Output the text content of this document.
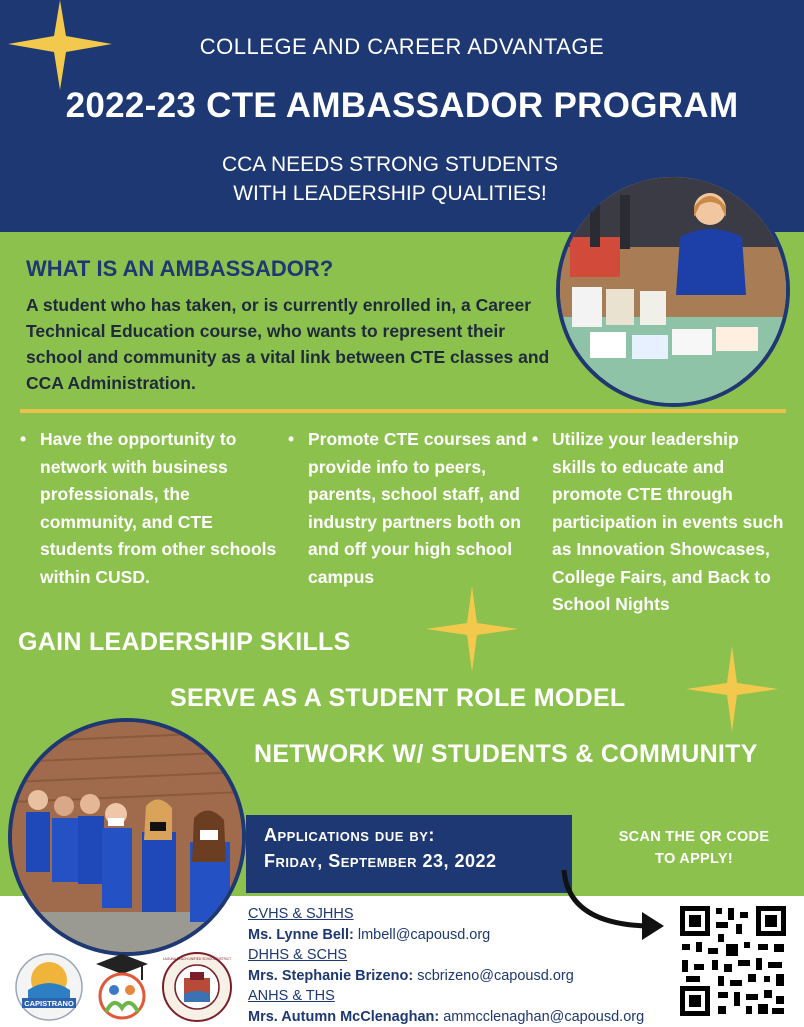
COLLEGE AND CAREER ADVANTAGE

2022-23 CTE AMBASSADOR PROGRAM
CCA NEEDS STRONG STUDENTS
WITH LEADERSHIP QUALITIES!
WHAT IS AN AMBASSADOR?

A student who has taken, or is currently enrolled in, a Career Technical Education course, who wants to represent their school and community as a vital link between CTE classes and CCA Administration.

• Have the opportunity to network with business professionals, the community, and CTE students from other schools within CUSD.
• Promote CTE courses and provide info to peers, parents, school staff, and industry partners both on and off your high school campus
• Utilize your leadership skills to educate and promote CTE through participation in events such as Innovation Showcases, College Fairs, and Back to School Nights
GAIN LEADERSHIP SKILLS
SERVE AS A STUDENT ROLE MODEL
NETWORK W/ STUDENTS & COMMUNITY
Applications due by:
Friday, September 23, 2022
SCAN THE QR CODE
TO APPLY!
CVHS & SJHHS
Ms. Lynne Bell: lmbell@capousd.org
DHHS & SCHS
Mrs. Stephanie Brizeno: scbrizeno@capousd.org
ANHS & THS
Mrs. Autumn McClenaghan: ammcclenaghan@capousd.org
CAPISTRANO
LAGUNA BEACH UNIFIED SCHOOL DISTRICT
